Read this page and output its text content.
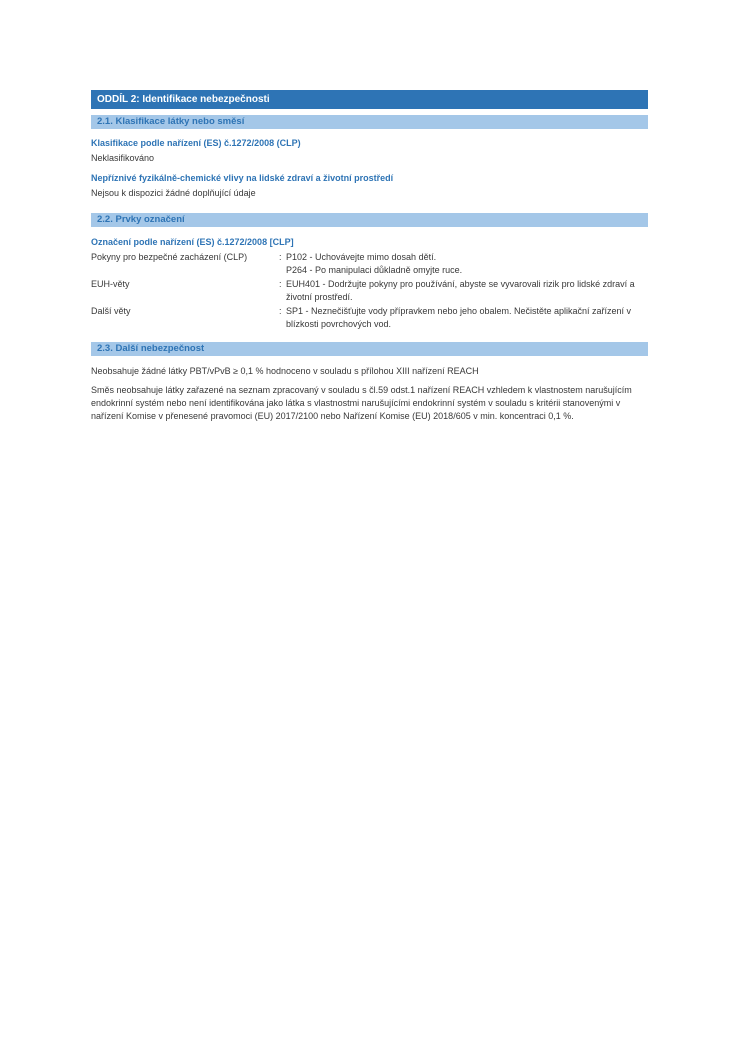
ODDÍL 2: Identifikace nebezpečnosti
2.1. Klasifikace látky nebo směsí
Klasifikace podle nařízení (ES) č.1272/2008 (CLP)
Neklasifikováno
Nepříznivé fyzikálně-chemické vlivy na lidské zdraví a životní prostředí
Nejsou k dispozici žádné doplňující údaje
2.2. Prvky označení
Označení podle nařízení (ES) č.1272/2008 [CLP]
Pokyny pro bezpečné zacházení (CLP)	: P102 - Uchovávejte mimo dosah dětí.
P264 - Po manipulaci důkladně omyjte ruce.
EUH-věty	: EUH401 - Dodržujte pokyny pro používání, abyste se vyvarovali rizik pro lidské zdraví a životní prostředí.
Další věty	: SP1 - Neznečišťujte vody přípravkem nebo jeho obalem. Nečistěte aplikační zařízení v blízkosti povrchových vod.
2.3. Další nebezpečnost
Neobsahuje žádné látky PBT/vPvB ≥ 0,1 % hodnoceno v souladu s přílohou XIII nařízení REACH
Směs neobsahuje látky zařazené na seznam zpracovaný v souladu s čl.59 odst.1 nařízení REACH vzhledem k vlastnostem narušujícím endokrinní systém nebo není identifikována jako látka s vlastnostmi narušujícími endokrinní systém v souladu s kritérii stanovenými v nařízení Komise v přenesené pravomoci (EU) 2017/2100 nebo Nařízení Komise (EU) 2018/605 v min. koncentraci 0,1 %.
